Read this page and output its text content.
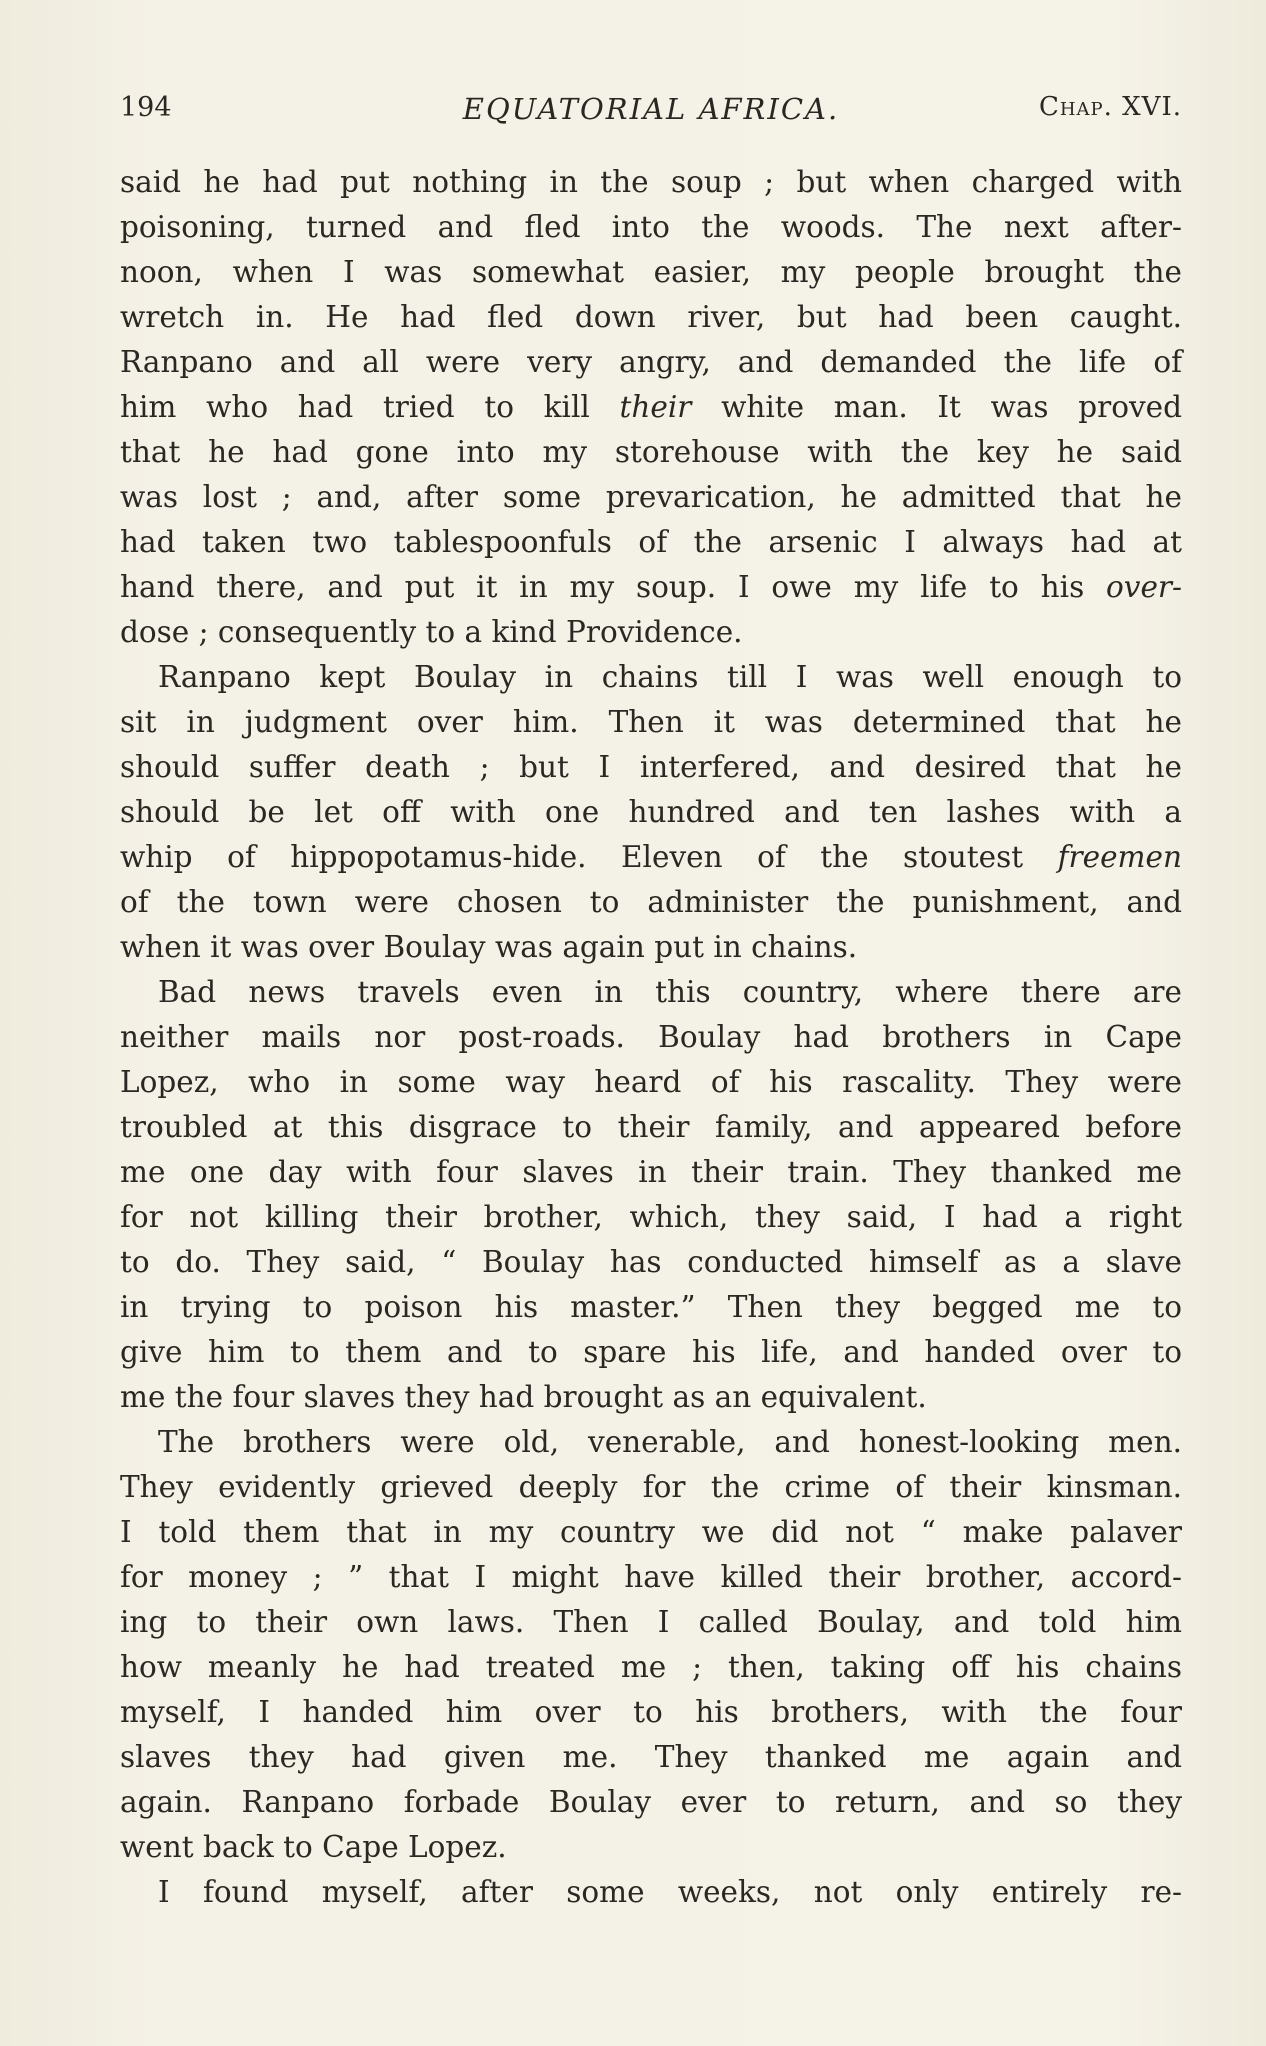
194	EQUATORIAL AFRICA.	Chap. XVI.
said he had put nothing in the soup ; but when charged with
poisoning, turned and fled into the woods. The next after-
noon, when I was somewhat easier, my people brought the
wretch in. He had fled down river, but had been caught.
Ranpano and all were very angry, and demanded the life of
him who had tried to kill their white man. It was proved
that he had gone into my storehouse with the key he said
was lost ; and, after some prevarication, he admitted that he
had taken two tablespoonfuls of the arsenic I always had at
hand there, and put it in my soup. I owe my life to his over-
dose ; consequently to a kind Providence.
Ranpano kept Boulay in chains till I was well enough to
sit in judgment over him. Then it was determined that he
should suffer death ; but I interfered, and desired that he
should be let off with one hundred and ten lashes with a
whip of hippopotamus-hide. Eleven of the stoutest freemen
of the town were chosen to administer the punishment, and
when it was over Boulay was again put in chains.
Bad news travels even in this country, where there are
neither mails nor post-roads. Boulay had brothers in Cape
Lopez, who in some way heard of his rascality. They were
troubled at this disgrace to their family, and appeared before
me one day with four slaves in their train. They thanked me
for not killing their brother, which, they said, I had a right
to do. They said, “ Boulay has conducted himself as a slave
in trying to poison his master.” Then they begged me to
give him to them and to spare his life, and handed over to
me the four slaves they had brought as an equivalent.
The brothers were old, venerable, and honest-looking men.
They evidently grieved deeply for the crime of their kinsman.
I told them that in my country we did not “ make palaver
for money ; ” that I might have killed their brother, accord-
ing to their own laws. Then I called Boulay, and told him
how meanly he had treated me ; then, taking off his chains
myself, I handed him over to his brothers, with the four
slaves they had given me. They thanked me again and
again. Ranpano forbade Boulay ever to return, and so they
went back to Cape Lopez.
I found myself, after some weeks, not only entirely re-
